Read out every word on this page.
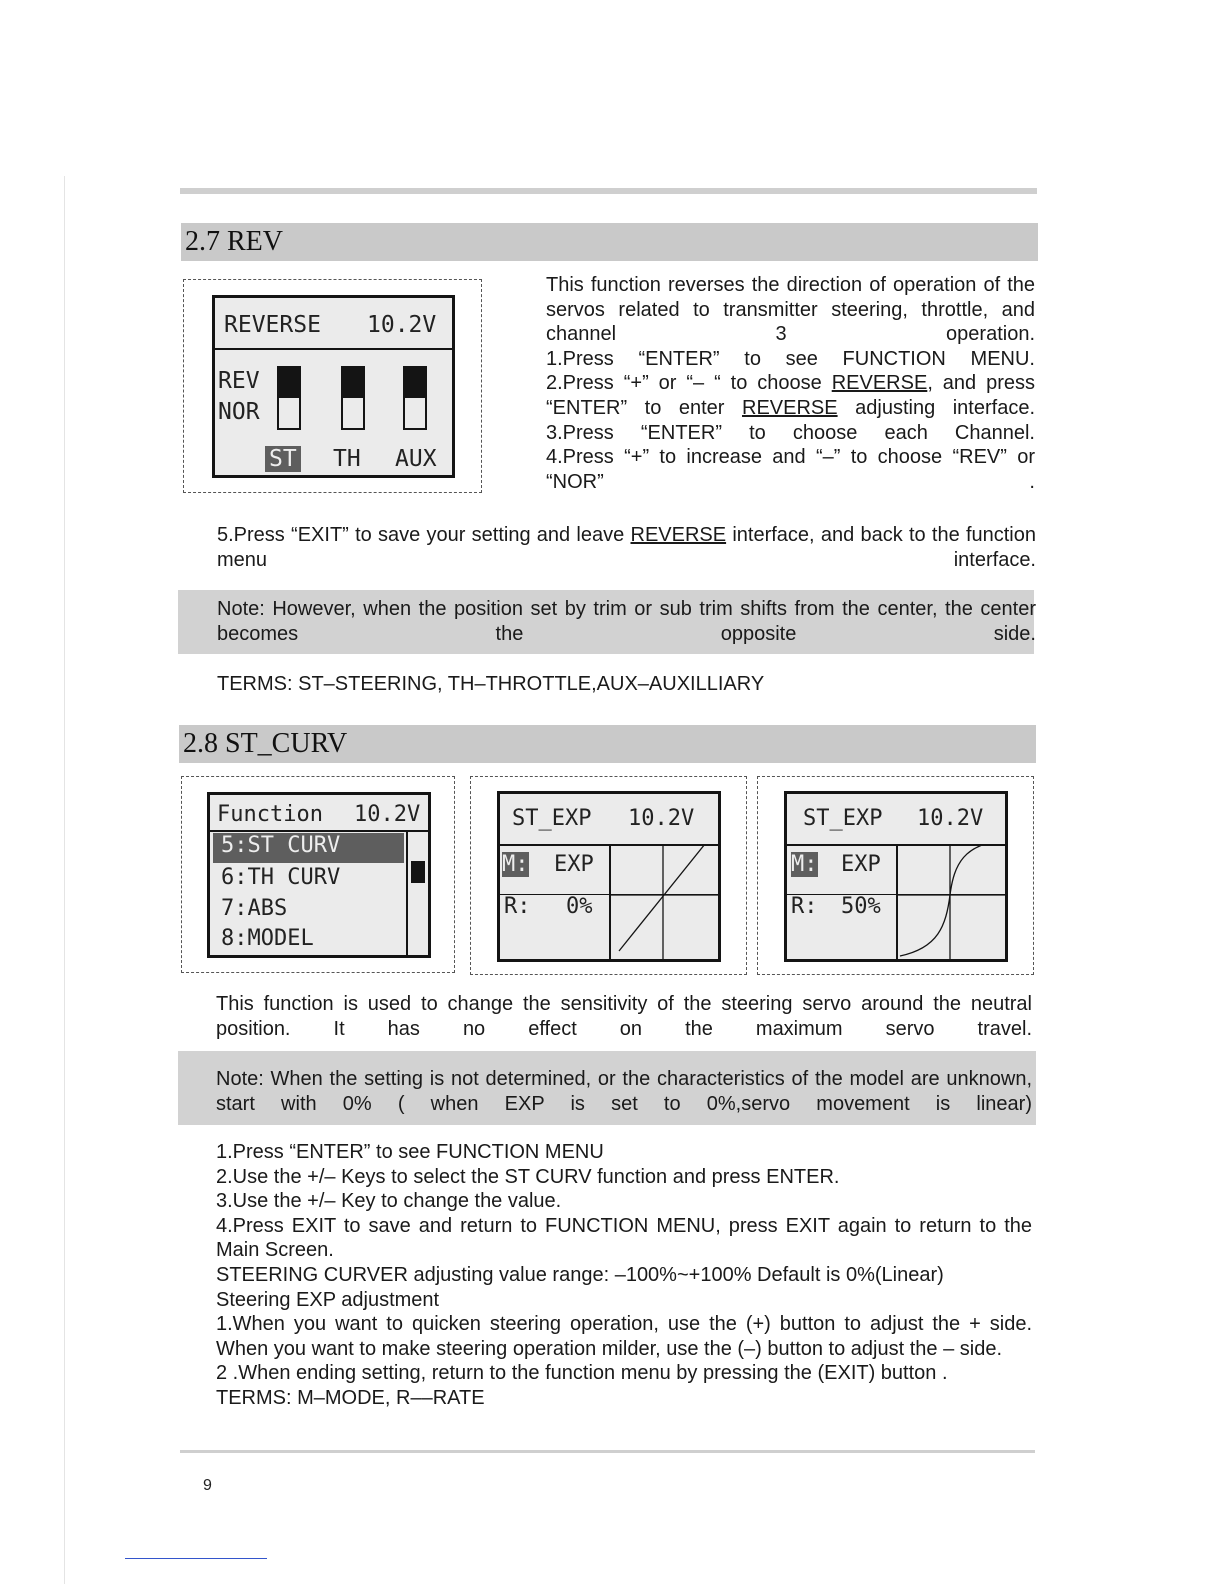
2.7 REV
REVERSE 10.2V
REV
NOR
ST TH AUX
This function reverses the direction of operation of the servos related to transmitter steering, throttle, and channel 3 operation.
1.Press “ENTER” to see FUNCTION MENU.
2.Press “+” or “– “ to choose REVERSE, and press “ENTER” to enter REVERSE adjusting interface.
3.Press “ENTER” to choose each Channel.
4.Press “+” to increase and “–” to choose “REV” or “NOR” .
5.Press “EXIT” to save your setting and leave REVERSE interface, and back to the function menu interface.
Note: However, when the position set by trim or sub trim shifts from the center, the center becomes the opposite side.
TERMS: ST–STEERING, TH–THROTTLE,AUX–AUXILLIARY
2.8 ST_CURV
Function 10.2V
5:ST CURV
6:TH CURV
7:ABS
8:MODEL
ST_EXP 10.2V
M: EXP
R: 0%
ST_EXP 10.2V
M: EXP
R: 50%
This function is used to change the sensitivity of the steering servo around the neutral position. It has no effect on the maximum servo travel.
Note: When the setting is not determined, or the characteristics of the model are unknown, start with 0% ( when EXP is set to 0%,servo movement is linear)
1.Press “ENTER” to see FUNCTION MENU
2.Use the +/– Keys to select the ST CURV function and press ENTER.
3.Use the +/– Key to change the value.
4.Press EXIT to save and return to FUNCTION MENU, press EXIT again to return to the Main Screen.
STEERING CURVER adjusting value range: –100%~+100% Default is 0%(Linear)
Steering EXP adjustment
1.When you want to quicken steering operation, use the (+) button to adjust the + side. When you want to make steering operation milder, use the (–) button to adjust the – side.
2 .When ending setting, return to the function menu by pressing the (EXIT) button .
TERMS: M–MODE, R––RATE
9
